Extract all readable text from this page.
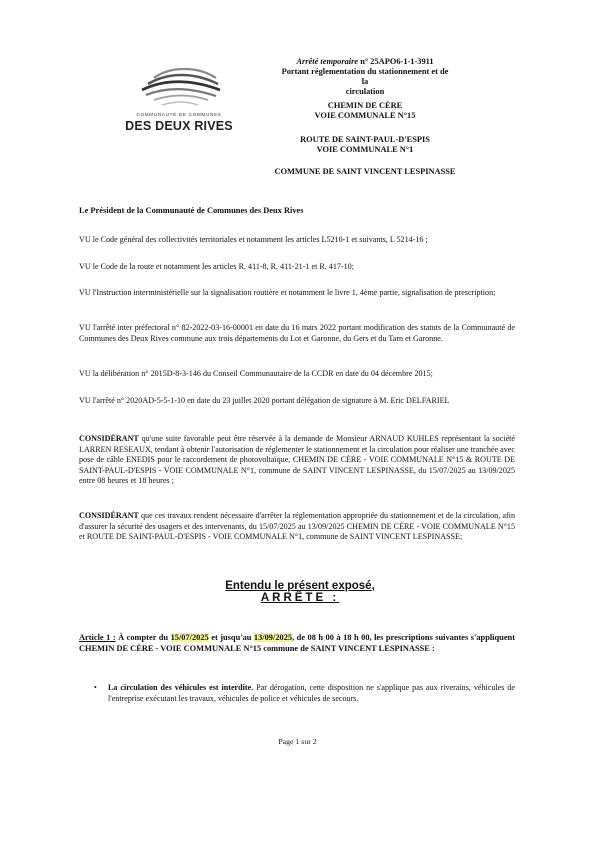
COMMUNAUTÉ DE COMMUNES
DES DEUX RIVES
Arrêté temporaire n° 25APO6-1-1-3911
Portant réglementation du stationnement et de la
circulation
CHEMIN DE CÈRE
VOIE COMMUNALE N°15
ROUTE DE SAINT-PAUL-D'ESPIS
VOIE COMMUNALE N°1
COMMUNE DE SAINT VINCENT LESPINASSE
Le Président de la Communauté de Communes des Deux Rives
VU le Code général des collectivités territoriales et notamment les articles L5210-1 et suivants, L 5214-16 ;
VU le Code de la route et notamment les articles R. 411-8, R. 411-21-1 et R. 417-10;
VU l'Instruction interministérielle sur la signalisation routière et notamment le livre 1, 4ème partie, signalisation de prescription;
VU l'arrêté inter préfectoral n° 82-2022-03-16-00001 en date du 16 mars 2022 portant modification des statuts de la Communauté de Communes des Deux Rives commune aux trois départements du Lot et Garonne, du Gers et du Tarn et Garonne.
VU la délibération n° 2015D-8-3-146 du Conseil Communautaire de la CCDR en date du 04 décembre 2015;
VU l'arrêté n° 2020AD-5-5-1-10 en date du 23 juillet 2020 portant délégation de signature à M. Eric DELFARIEL
CONSIDÉRANT qu'une suite favorable peut être réservée à la demande de Monsieur ARNAUD KUHLES représentant la société LARREN RESEAUX, tendant à obtenir l'autorisation de réglementer le stationnement et la circulation pour réaliser une tranchée avec pose de câble ENEDIS pour le raccordement de photovoltaïque, CHEMIN DE CÈRE - VOIE COMMUNALE N°15 & ROUTE DE SAINT-PAUL-D'ESPIS - VOIE COMMUNALE N°1, commune de SAINT VINCENT LESPINASSE, du 15/07/2025 au 13/09/2025 entre 08 heures et 18 heures ;
CONSIDÉRANT que ces travaux rendent nécessaire d'arrêter la réglementation appropriée du stationnement et de la circulation, afin d'assurer la sécurité des usagers et des intervenants, du 15/07/2025 au 13/09/2025 CHEMIN DE CÈRE - VOIE COMMUNALE N°15 et ROUTE DE SAINT-PAUL-D'ESPIS - VOIE COMMUNALE N°1, commune de SAINT VINCENT LESPINASSE;
Entendu le présent exposé,
ARRÊTE :
Article 1 : À compter du 15/07/2025 et jusqu'au 13/09/2025, de 08 h 00 à 18 h 00, les prescriptions suivantes s'appliquent CHEMIN DE CÈRE - VOIE COMMUNALE N°15 commune de SAINT VINCENT LESPINASSE :
• La circulation des véhicules est interdite. Par dérogation, cette disposition ne s'applique pas aux riverains, véhicules de l'entreprise exécutant les travaux, véhicules de police et véhicules de secours.
Page 1 sur 2
